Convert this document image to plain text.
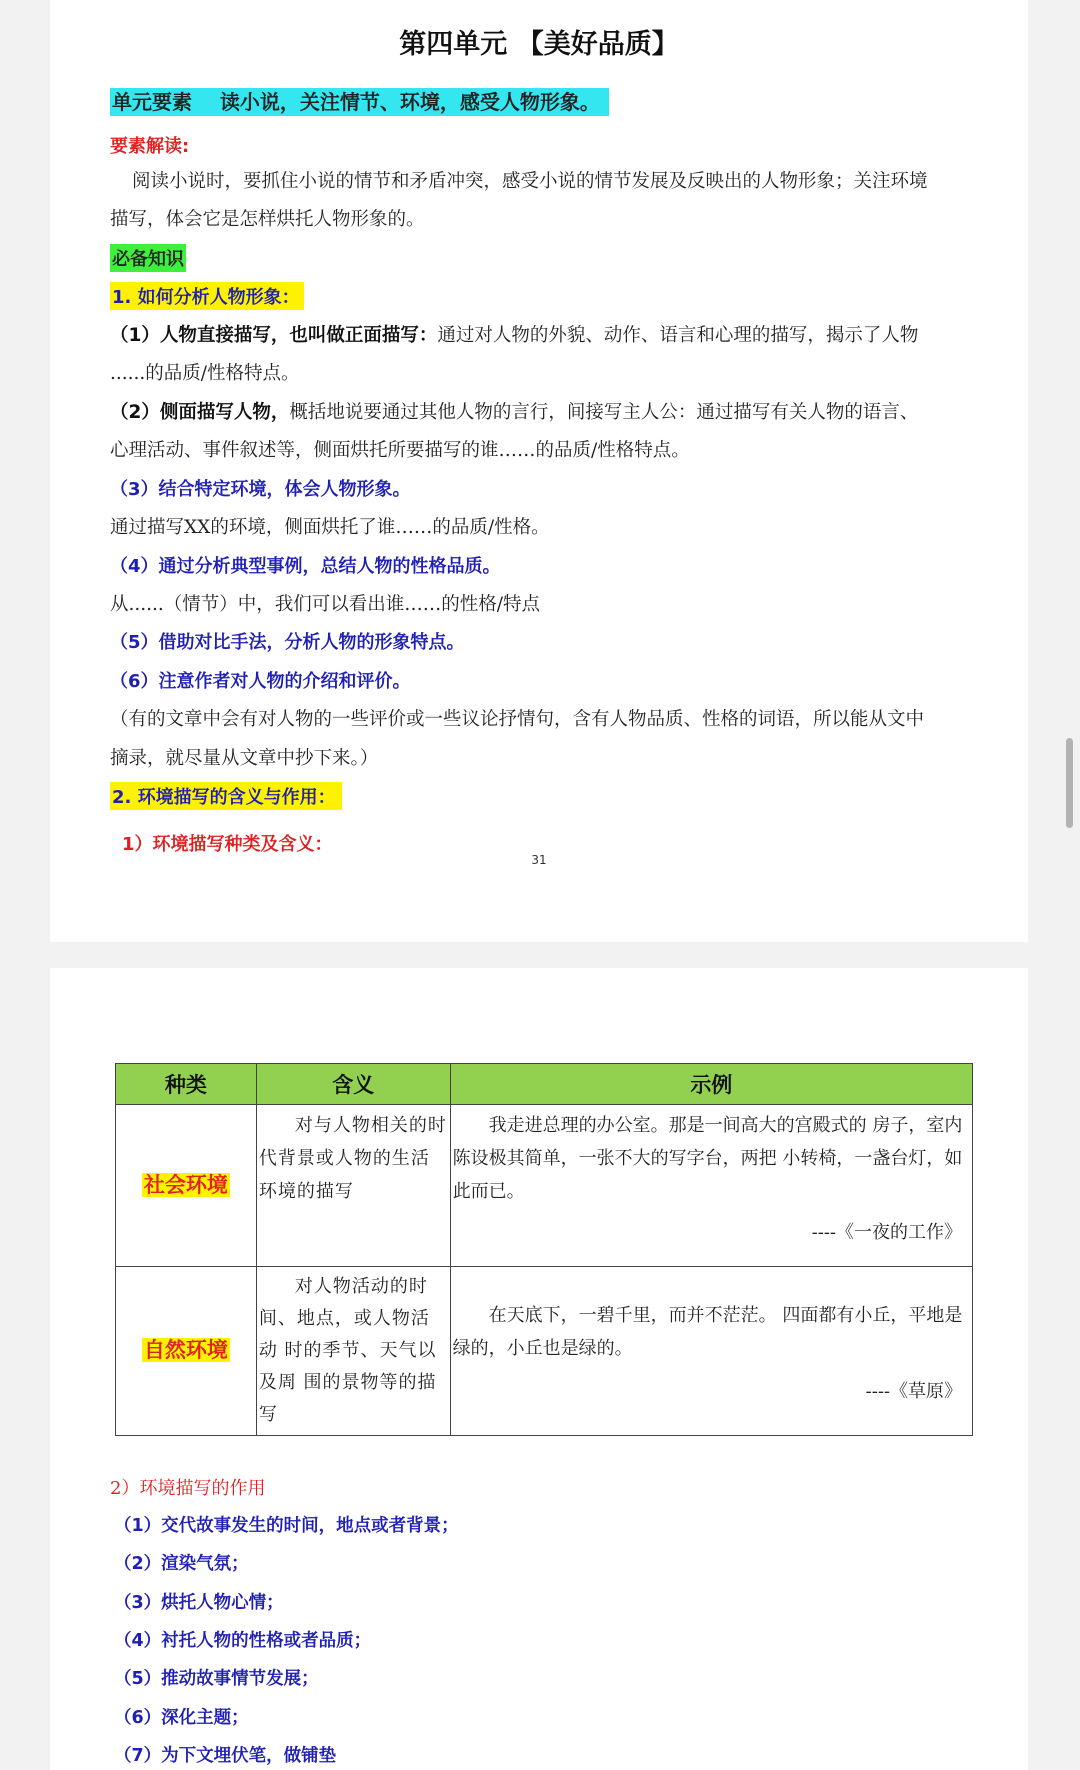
第四单元 【美好品质】
单元要素 读小说，关注情节、环境，感受人物形象。
要素解读:
阅读小说时，要抓住小说的情节和矛盾冲突，感受小说的情节发展及反映出的人物形象；关注环境
描写，体会它是怎样烘托人物形象的。
必备知识
1. 如何分析人物形象：
（1）人物直接描写，也叫做正面描写：通过对人物的外貌、动作、语言和心理的描写，揭示了人物
......的品质/性格特点。
（2）侧面描写人物，概括地说要通过其他人物的言行，间接写主人公：通过描写有关人物的语言、
心理活动、事件叙述等，侧面烘托所要描写的谁……的品质/性格特点。
（3）结合特定环境，体会人物形象。
通过描写XX的环境，侧面烘托了谁……的品质/性格。
（4）通过分析典型事例，总结人物的性格品质。
从......（情节）中，我们可以看出谁……的性格/特点
（5）借助对比手法，分析人物的形象特点。
（6）注意作者对人物的介绍和评价。
（有的文章中会有对人物的一些评价或一些议论抒情句，含有人物品质、性格的词语，所以能从文中
摘录，就尽量从文章中抄下来。）
2. 环境描写的含义与作用：
1）环境描写种类及含义：
31
种类	含义	示例
社会环境	对与人物相关的时代背景或人物的生活环境的描写	我走进总理的办公室。那是一间高大的宫殿式的 房子，室内陈设极其简单，一张不大的写字台，两把 小转椅，一盏台灯，如此而已。
----《一夜的工作》

自然环境	对人物活动的时间、地点，或人物活动 时的季节、天气以及周 围的景物等的描写	在天底下，一碧千里，而并不茫茫。 四面都有小丘，平地是绿的，小丘也是绿的。
----《草原》
2）环境描写的作用
（1）交代故事发生的时间，地点或者背景；
（2）渲染气氛；
（3）烘托人物心情；
（4）衬托人物的性格或者品质；
（5）推动故事情节发展；
（6）深化主题；
（7）为下文埋伏笔，做铺垫
